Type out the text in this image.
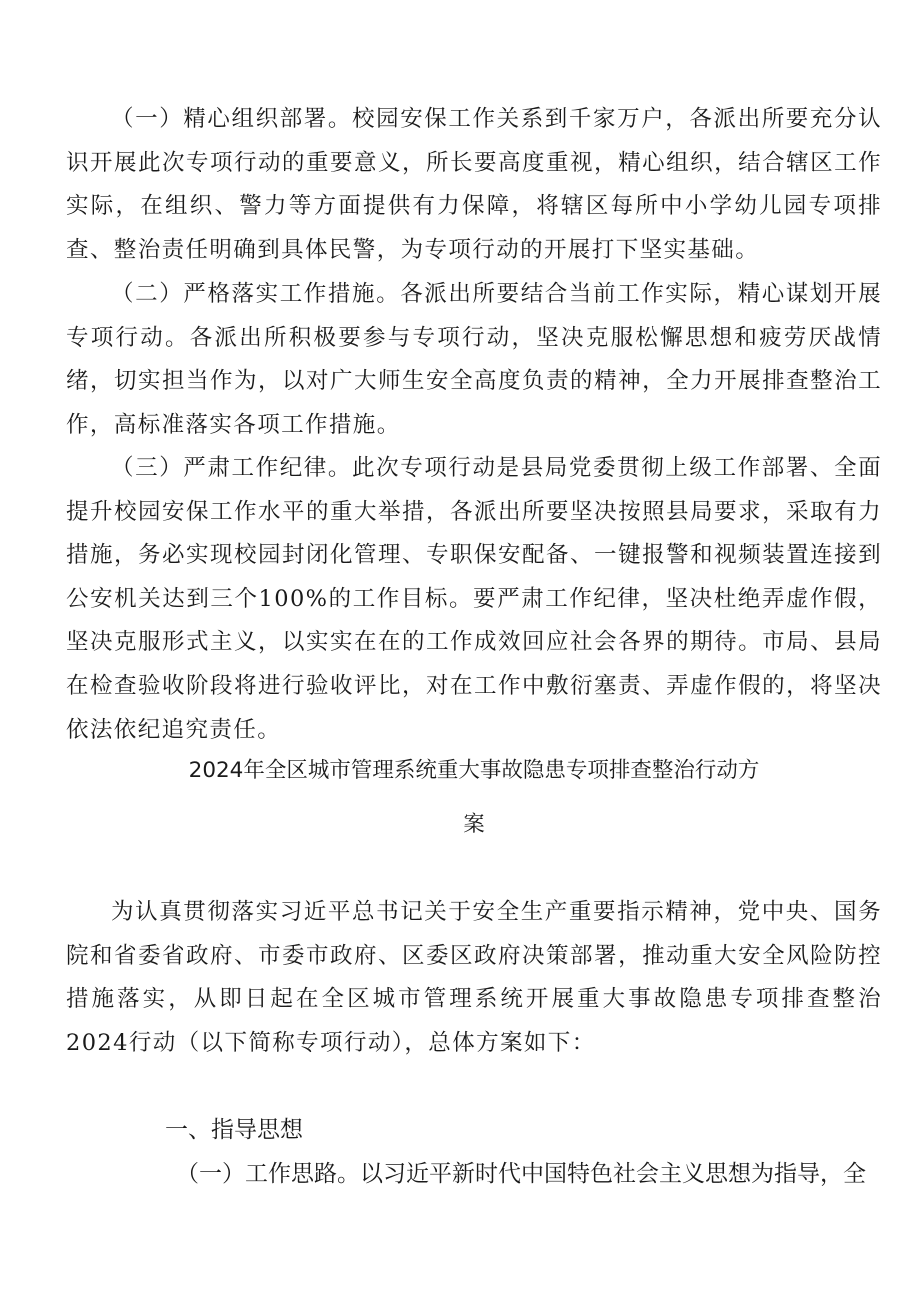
（一）精心组织部署。校园安保工作关系到千家万户，各派出所要充分认识开展此次专项行动的重要意义，所长要高度重视，精心组织，结合辖区工作实际，在组织、警力等方面提供有力保障，将辖区每所中小学幼儿园专项排查、整治责任明确到具体民警，为专项行动的开展打下坚实基础。

（二）严格落实工作措施。各派出所要结合当前工作实际，精心谋划开展专项行动。各派出所积极要参与专项行动，坚决克服松懈思想和疲劳厌战情绪，切实担当作为，以对广大师生安全高度负责的精神，全力开展排查整治工作，高标准落实各项工作措施。

（三）严肃工作纪律。此次专项行动是县局党委贯彻上级工作部署、全面提升校园安保工作水平的重大举措，各派出所要坚决按照县局要求，采取有力措施，务必实现校园封闭化管理、专职保安配备、一键报警和视频装置连接到公安机关达到三个100%的工作目标。要严肃工作纪律，坚决杜绝弄虚作假，坚决克服形式主义，以实实在在的工作成效回应社会各界的期待。市局、县局在检查验收阶段将进行验收评比，对在工作中敷衍塞责、弄虚作假的，将坚决依法依纪追究责任。

2024年全区城市管理系统重大事故隐患专项排查整治行动方
案

为认真贯彻落实习近平总书记关于安全生产重要指示精神，党中央、国务院和省委省政府、市委市政府、区委区政府决策部署，推动重大安全风险防控措施落实，从即日起在全区城市管理系统开展重大事故隐患专项排查整治2024行动（以下简称专项行动），总体方案如下：

一、指导思想

（一）工作思路。以习近平新时代中国特色社会主义思想为指导，全
